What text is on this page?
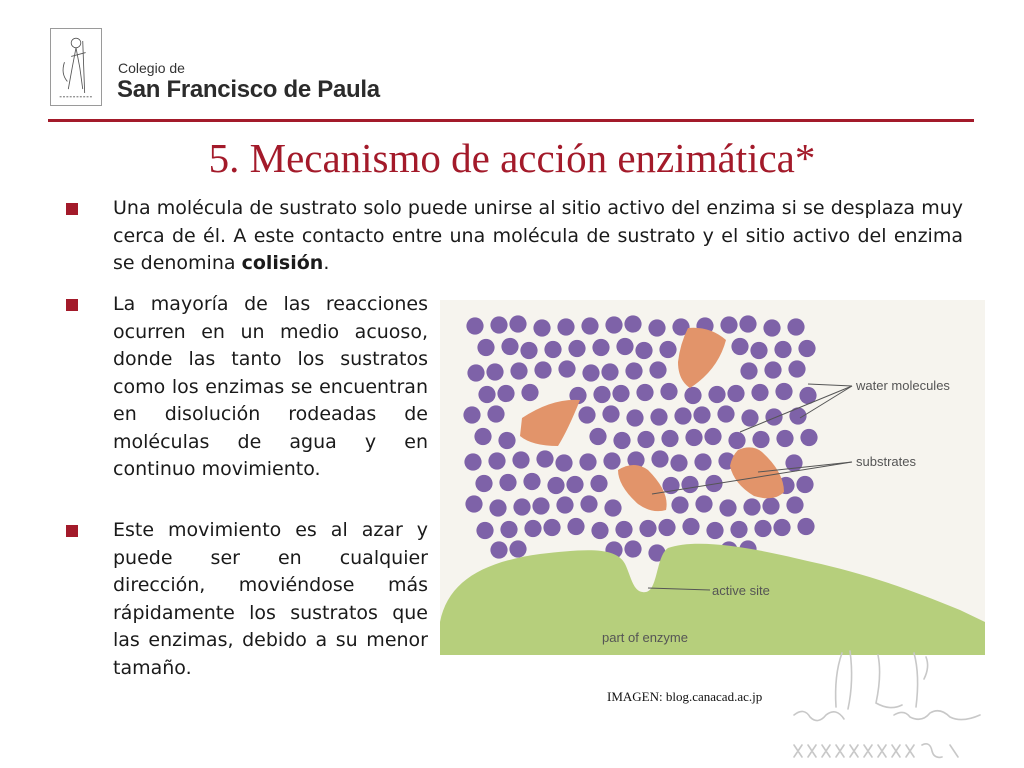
Colegio de
San Francisco de Paula
5. Mecanismo de acción enzimática*

Una molécula de sustrato solo puede unirse al sitio activo del enzima si se desplaza muy cerca de él. A este contacto entre una molécula de sustrato y el sitio activo del enzima se denomina colisión.

La mayoría de las reacciones ocurren en un medio acuoso, donde las tanto los sustratos como los enzimas se encuentran en disolución rodeadas de moléculas de agua y en continuo movimiento.

Este movimiento es al azar y puede ser en cualquier dirección, moviéndose más rápidamente los sustratos que las enzimas, debido a su menor tamaño.

water molecules
substrates
active site
part of enzyme
IMAGEN: blog.canacad.ac.jp
